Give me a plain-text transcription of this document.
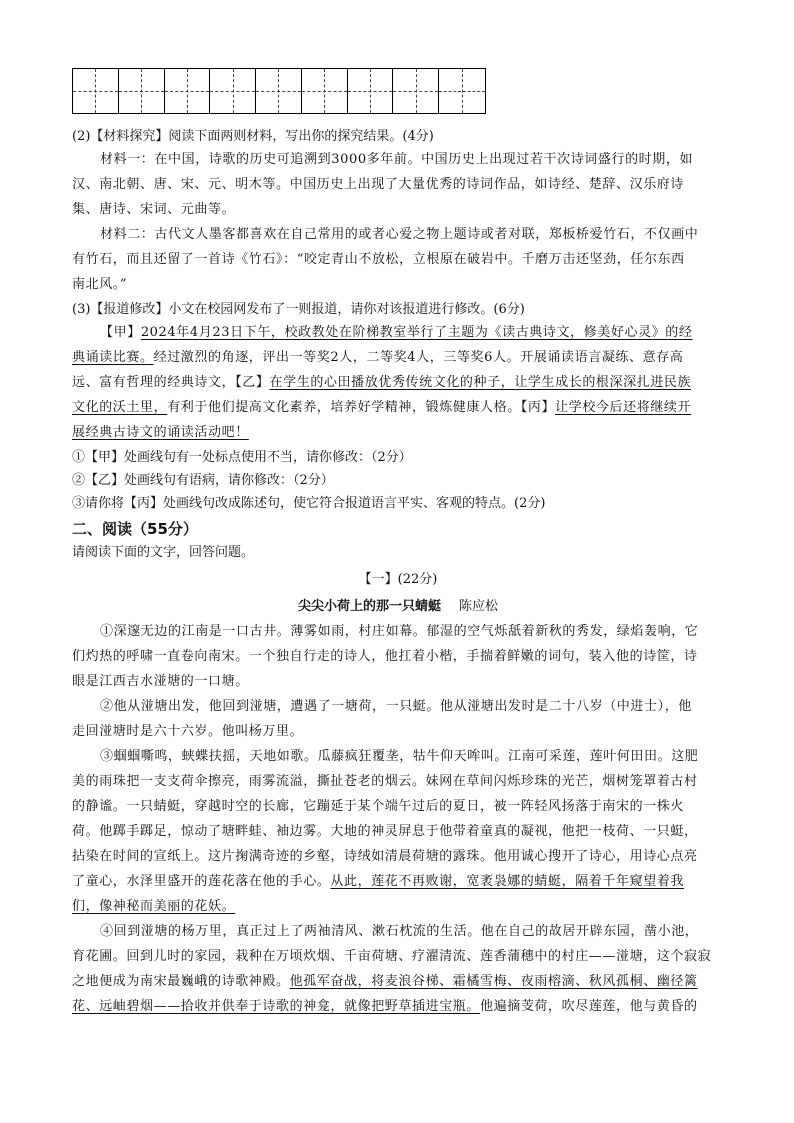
(2)【材料探究】阅读下面两则材料，写出你的探究结果。(4分)
材料一：在中国，诗歌的历史可追溯到3000多年前。中国历史上出现过若干次诗词盛行的时期，如
汉、南北朝、唐、宋、元、明木等。中国历史上出现了大量优秀的诗词作品，如诗经、楚辞、汉乐府诗
集、唐诗、宋词、元曲等。
材料二：古代文人墨客都喜欢在自己常用的或者心爱之物上题诗或者对联，郑板桥爱竹石，不仅画中
有竹石，而且还留了一首诗《竹石》：“咬定青山不放松，立根原在破岩中。千磨万击还坚劲，任尔东西
南北风。”
(3)【报道修改】小文在校园网发布了一则报道，请你对该报道进行修改。(6分)
【甲】2024年4月23日下午，校政教处在阶梯教室举行了主题为《读古典诗文，修美好心灵》的经
典诵读比赛。经过激烈的角逐，评出一等奖2人，二等奖4人，三等奖6人。开展诵读语言凝练、意存高
远、富有哲理的经典诗文，【乙】在学生的心田播放优秀传统文化的种子，让学生成长的根深深扎进民族
文化的沃土里，有利于他们提高文化素养，培养好学精神，锻炼健康人格。【丙】让学校今后还将继续开
展经典古诗文的诵读活动吧！
①【甲】处画线句有一处标点使用不当，请你修改：（2分）
②【乙】处画线句有语病，请你修改：（2分）
③请你将【丙】处画线句改成陈述句，使它符合报道语言平实、客观的特点。(2分)
二、阅读（55分）
请阅读下面的文字，回答问题。
【一】(22分)
尖尖小荷上的那一只蜻蜓 陈应松
①深邃无边的江南是一口古井。薄雾如雨，村庄如幕。郁湿的空气烁舐着新秋的秀发，绿焰轰响，它
们灼热的呼啸一直卷向南宋。一个独自行走的诗人，他扛着小楷，手揣着鲜嫩的词句，装入他的诗筐，诗
眼是江西吉水湴塘的一口塘。
②他从湴塘出发，他回到湴塘，遭遇了一塘荷，一只蜓。他从湴塘出发时是二十八岁（中进士），他
走回湴塘时是六十六岁。他叫杨万里。
③蝈蝈嘶鸣，蛱蝶扶摇，天地如歌。瓜藤疯狂覆垄，牯牛仰天哞叫。江南可采莲，莲叶何田田。这肥
美的雨珠把一支支荷伞擦亮，雨雾流溢，撕扯苍老的烟云。妹网在草间闪烁珍珠的光芒，烟树笼罩着古村
的静谧。一只蜻蜓，穿越时空的长廊，它蹦延于某个端午过后的夏日，被一阵轻风扬落于南宋的一株火
荷。他踯手踯足，惊动了塘畔蛙、袖边雾。大地的神灵屏息于他带着童真的凝视，他把一枝荷、一只蜓，
拈染在时间的宣纸上。这片掬满奇迹的乡壑，诗绒如清晨荷塘的露珠。他用诚心搜开了诗心，用诗心点亮
了童心，水泽里盛开的莲花落在他的手心。从此，莲花不再败谢，宽袤袅娜的蜻蜓，隔着千年窥望着我
们，像神秘而美丽的花妖。
④回到湴塘的杨万里，真正过上了两袖清风、漱石枕流的生活。他在自己的故居开辟东园，凿小池，
育花圃。回到儿时的家园，栽种在万顷炊烟、千亩荷塘、疗濯清流、莲香蒲穗中的村庄——湴塘，这个寂寂
之地便成为南宋最巍峨的诗歌神殿。他孤军奋战，将麦浪谷梯、霜橘雪梅、夜雨榕滴、秋风孤桐、幽径篱
花、远岫碧烟——拾收并供奉于诗歌的神龛，就像把野草插进宝瓶。他遍摘芰荷，吹尽莲莲，他与黄昏的
